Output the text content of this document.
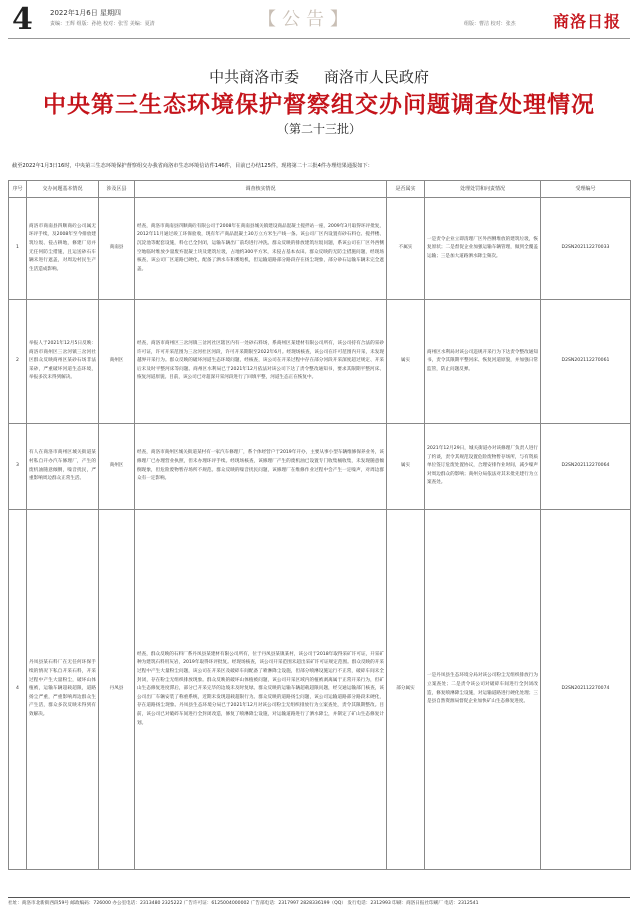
4 2022年1月6日 星期四
责编：王辉 组版：孙艳 校对：张雪 美编：夏清	【公告】	组版：曹洁 校对：张杰 商洛日报
中共商洛市委 商洛市人民政府
中央第三生态环境保护督察组交办问题调查处理情况
（第二十三批）
截至2022年1月3日16时，中央第三生态环境保护督察组交办我省商洛市生态环境信访件146件，目前已办结125件，现将第二十三批4件办理结果通报如下：
序号	交办问题基本情况	涉及区县	调查核实情况	是否属实	处理处罚和问责情况	受理编号
1	商洛市商南县四顺商砼公司属无环评手续，及2008年至今排放建筑垃圾、侵占耕地，修建厂房并无任何防尘措施，且运送砂石车辆未进行遮盖，对周边村民生产生活造成影响。	商南县	经查，商洛市商南县四顺商砼有限公司于2008年在商南县城关镇建设商品混凝土搅拌站一座，2009年3月取得环评批复，2012年11月通过竣工环保验收，现有年产商品混凝土30万立方米生产线一条。该公司厂区内设置有砂石料仓、搅拌楼、沉淀池等配套设施，料仓已全封闭，运输车辆出厂前均进行冲洗。群众反映的排放建筑垃圾问题，系该公司在厂区外西侧空地临时堆放少量废弃混凝土块及建筑垃圾，占地约300平方米，未侵占基本农田。群众反映的无防尘措施问题，经现场核查，该公司厂区道路已硬化，配备了洒水车和雾炮机，但运输道路部分路段存在扬尘现象，部分砂石运输车辆未完全遮盖。	不属实	一是责令企业立即清理厂区外西侧堆放的建筑垃圾，恢复原状；二是督促企业加强运输车辆管理，做到全覆盖运输；三是加大道路洒水降尘频次。	D2SN202112270033
2	举报人于2021年12月5日反映：商洛市商州区三岔河镇三岔河社区群众反映商州区某砂石场非法采砂，严重破坏河道生态环境，举报多次未得到解决。	商州区	经查，商洛市商州区三岔河镇三岔河社区辖区内有一处砂石料场，系商州区某建材有限公司所有，该公司持有合法的采砂许可证，许可开采范围为三岔河社区河段，许可开采期限至2022年6月。经现场核查，该公司在许可范围内开采，未发现越界开采行为。群众反映的破坏河道生态环境问题，经核查，该公司在开采过程中存在部分河段开采深度超过规定、开采后未及时平整河床等问题。商州区水利局已于2021年12月依法对该公司下达了责令整改通知书，要求其限期平整河床、恢复河道原貌。目前，该公司已对超深开采河段进行了回填平整，河道生态正在恢复中。	属实	商州区水利局对该公司违规开采行为下达责令整改通知书，责令其限期平整河床、恢复河道原貌，并加强日常监管，防止问题反弹。	D2SN202112270061
3	有人在商洛市商州区城关街道某村私自开办汽车修理厂，产生的废机油随意倾倒，噪音扰民，严重影响周边群众正常生活。	商州区	经查，商洛市商州区城关街道某村有一家汽车修理厂，系个体经营户于2019年开办，主要从事小型车辆维修保养业务，该修理厂已办理营业执照，但未办理环评手续。经现场核查，该修理厂产生的废机油已设置专门收集桶收集，未发现随意倾倒现象，但危险废物暂存场所不规范。群众反映的噪音扰民问题，该修理厂在维修作业过程中会产生一定噪声，对周边群众有一定影响。	属实	2021年12月29日，城关街道办对该修理厂负责人进行了约谈，责令其规范设置危险废物暂存场所，与有资质单位签订危废处置协议，合理安排作业时间，减少噪声对周边群众的影响；商州分局依法对其未批先建行为立案查处。	D2SN202112270064
4	丹凤县某石料厂在无任何环保手续的情况下私自开采石料，开采过程中产生大量粉尘，破坏山体植被，运输车辆超载超限，道路扬尘严重，严重影响周边群众生产生活，群众多次反映未得到有效解决。	丹凤县	经查，群众反映的石料厂系丹凤县某建材有限公司所有，位于丹凤县某镇某村，该公司于2018年取得采矿许可证，开采矿种为建筑石料用灰岩，2019年取得环评批复。经现场核查，该公司开采范围未超出采矿许可证规定范围。群众反映的开采过程中产生大量粉尘问题，该公司在开采区及破碎车间配备了喷淋降尘设施，但部分喷淋设施运行不正常，破碎车间未全封闭，存在粉尘无组织排放现象。群众反映的破坏山体植被问题，该公司开采区域内的植被剥离属于正常开采行为，但矿山生态修复进度滞后，部分已开采完毕的边坡未及时复绿。群众反映的运输车辆超载超限问题，经交通运输部门核查，该公司出厂车辆安装了称重系统，近期未发现超载超限行为。群众反映的道路扬尘问题，该公司运输道路部分路段未硬化，存在道路扬尘现象。丹凤县生态环境分局已于2021年12月对该公司粉尘无组织排放行为立案查处，责令其限期整改。目前，该公司已对破碎车间进行全封闭改造，修复了喷淋降尘设施，对运输道路进行了洒水降尘，并制定了矿山生态修复计划。	部分属实	一是丹凤县生态环境分局对该公司粉尘无组织排放行为立案查处；二是责令该公司对破碎车间进行全封闭改造，修复喷淋降尘设施，对运输道路进行硬化处理；三是县自然资源局督促企业加快矿山生态修复进度。	D2SN202112270074
社址：商洛市北新街西段59号 邮政编码：726000 办公室电话：2313480 2325222 广告许可证：6125004000002 广告部电话：2317997 2828336199（QQ） 发行电话：2312993 印刷：商洛日报社印刷厂 电话：2312541
